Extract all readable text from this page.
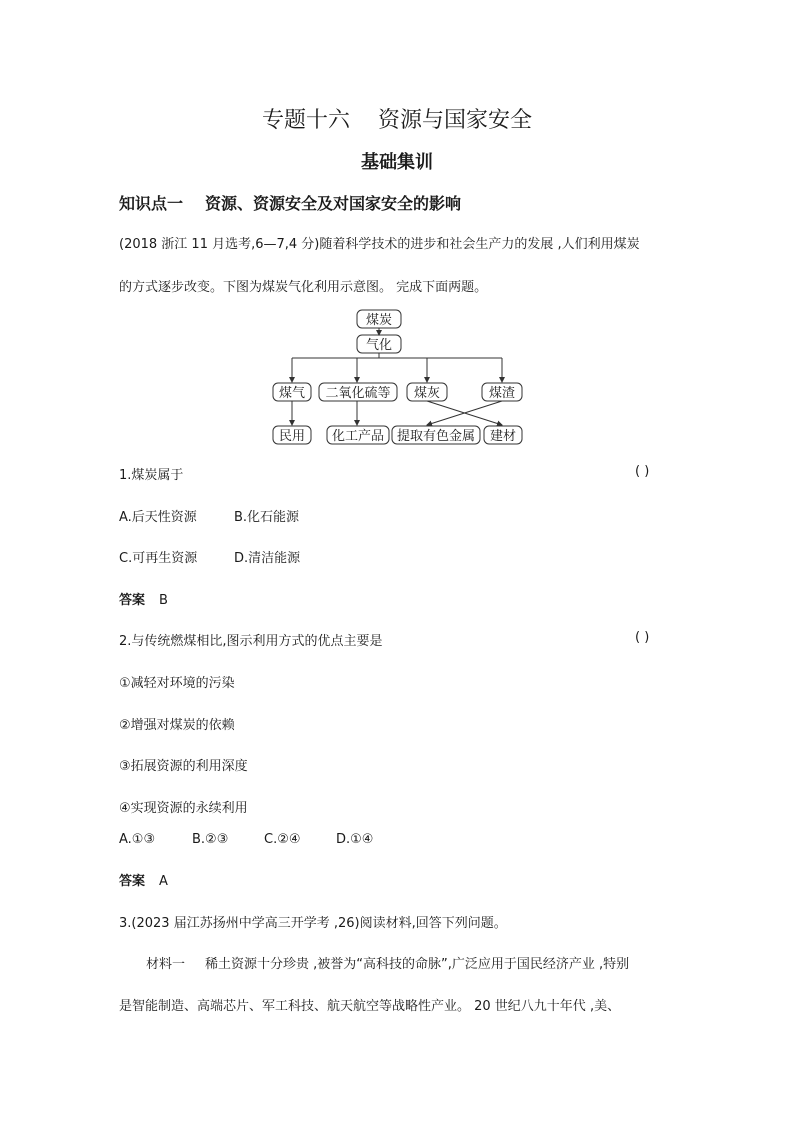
专题十六 资源与国家安全
基础集训
知识点一 资源、资源安全及对国家安全的影响
(2018 浙江 11 月选考,6—7,4 分)随着科学技术的进步和社会生产力的发展 ,人们利用煤炭
的方式逐步改变。下图为煤炭气化利用示意图。 完成下面两题。
煤炭
气化
煤气 二氧化硫等 煤灰	煤渣
民用 化工产品 提取有色金属 建材
1.煤炭属于	( )
A.后天性资源	B.化石能源
C.可再生资源	D.清洁能源
答案 B
2.与传统燃煤相比,图示利用方式的优点主要是	( )
①减轻对环境的污染
②增强对煤炭的依赖
③拓展资源的利用深度
④实现资源的永续利用
A.①③	B.②③	C.②④	D.①④
答案 A
3.(2023 届江苏扬州中学高三开学考 ,26)阅读材料,回答下列问题。
材料一 稀土资源十分珍贵 ,被誉为“高科技的命脉”,广泛应用于国民经济产业 ,特别
是智能制造、高端芯片、军工科技、航天航空等战略性产业。 20 世纪八九十年代 ,美、
